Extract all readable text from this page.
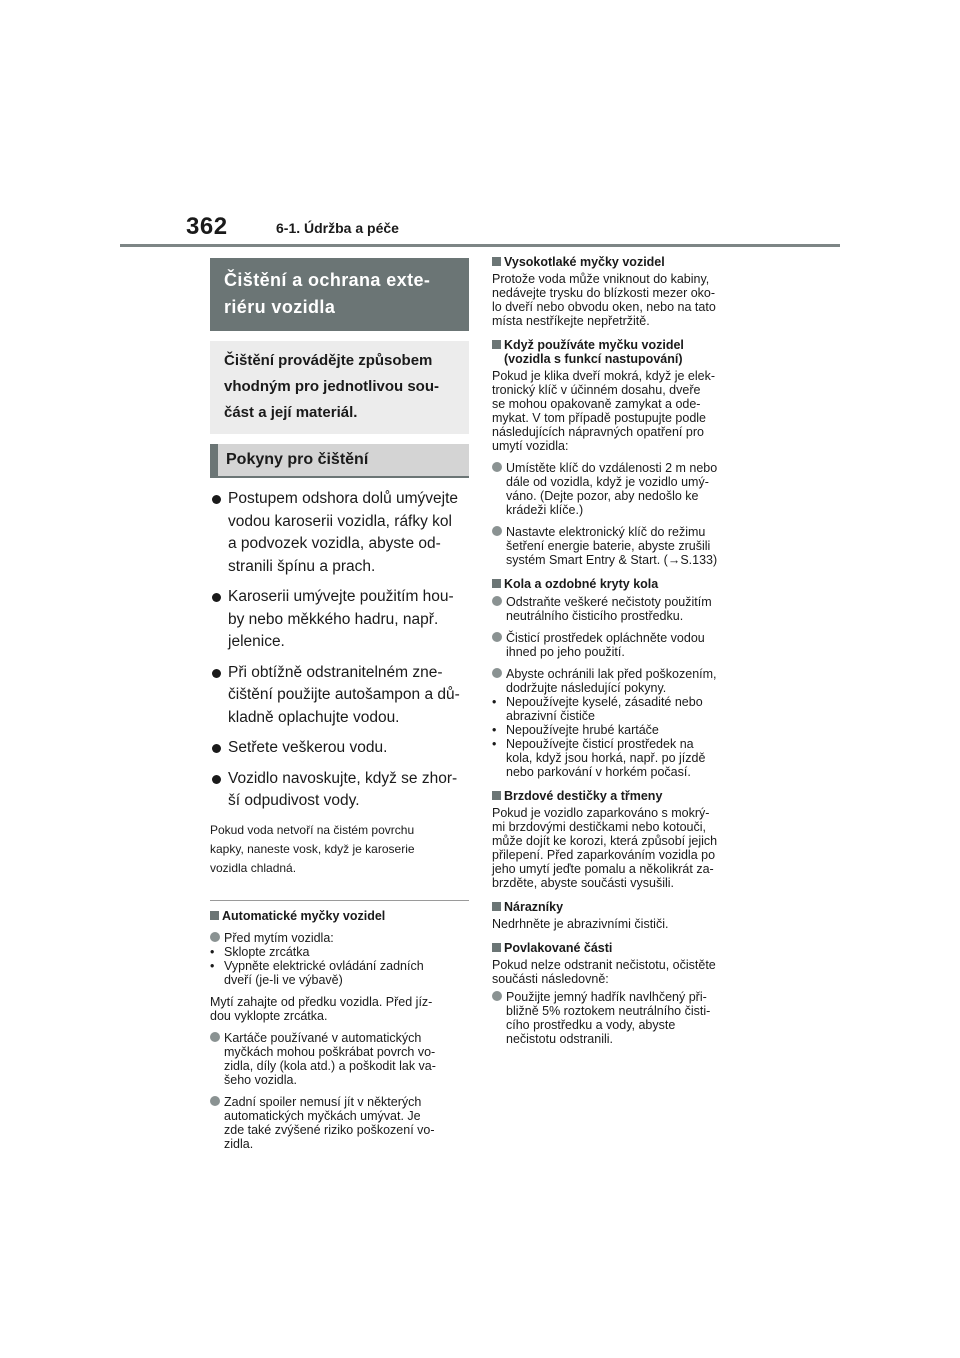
362	6-1. Údržba a péče
Čištění a ochrana exte-
riéru vozidla
Čištění provádějte způsobem
vhodným pro jednotlivou sou-
část a její materiál.
Pokyny pro čištění
Postupem odshora dolů umývejte
vodou karoserii vozidla, ráfky kol
a podvozek vozidla, abyste od-
stranili špínu a prach.
Karoserii umývejte použitím hou-
by nebo měkkého hadru, např.
jelenice.
Při obtížně odstranitelném zne-
čištění použijte autošampon a dů-
kladně oplachujte vodou.
Setřete veškerou vodu.
Vozidlo navoskujte, když se zhor-
ší odpudivost vody.
Pokud voda netvoří na čistém povrchu
kapky, naneste vosk, když je karoserie
vozidla chladná.
Automatické myčky vozidel
Před mytím vozidla:
• Sklopte zrcátka
• Vypněte elektrické ovládání zadních
dveří (je-li ve výbavě)
Mytí zahajte od předku vozidla. Před jíz-
dou vyklopte zrcátka.
Kartáče používané v automatických
myčkách mohou poškrábat povrch vo-
zidla, díly (kola atd.) a poškodit lak va-
šeho vozidla.
Zadní spoiler nemusí jít v některých
automatických myčkách umývat. Je
zde také zvýšené riziko poškození vo-
zidla.
Vysokotlaké myčky vozidel
Protože voda může vniknout do kabiny,
nedávejte trysku do blízkosti mezer oko-
lo dveří nebo obvodu oken, nebo na tato
místa nestříkejte nepřetržitě.
Když používáte myčku vozidel
(vozidla s funkcí nastupování)
Pokud je klika dveří mokrá, když je elek-
tronický klíč v účinném dosahu, dveře
se mohou opakovaně zamykat a ode-
mykat. V tom případě postupujte podle
následujících nápravných opatření pro
umytí vozidla:
Umístěte klíč do vzdálenosti 2 m nebo
dále od vozidla, když je vozidlo umý-
váno. (Dejte pozor, aby nedošlo ke
krádeži klíče.)
Nastavte elektronický klíč do režimu
šetření energie baterie, abyste zrušili
systém Smart Entry & Start. (→S.133)
Kola a ozdobné kryty kola
Odstraňte veškeré nečistoty použitím
neutrálního čisticího prostředku.
Čisticí prostředek opláchněte vodou
ihned po jeho použití.
Abyste ochránili lak před poškozením,
dodržujte následující pokyny.
• Nepoužívejte kyselé, zásadité nebo
abrazivní čističe
• Nepoužívejte hrubé kartáče
• Nepoužívejte čisticí prostředek na
kola, když jsou horká, např. po jízdě
nebo parkování v horkém počasí.
Brzdové destičky a třmeny
Pokud je vozidlo zaparkováno s mokrý-
mi brzdovými destičkami nebo kotouči,
může dojít ke korozi, která způsobí jejich
přilepení. Před zaparkováním vozidla po
jeho umytí jeďte pomalu a několikrát za-
brzděte, abyste součásti vysušili.
Nárazníky
Nedrhněte je abrazivními čističi.
Povlakované části
Pokud nelze odstranit nečistotu, očistěte
součásti následovně:
Použijte jemný hadřík navlhčený při-
bližně 5% roztokem neutrálního čisti-
cího prostředku a vody, abyste
nečistotu odstranili.
